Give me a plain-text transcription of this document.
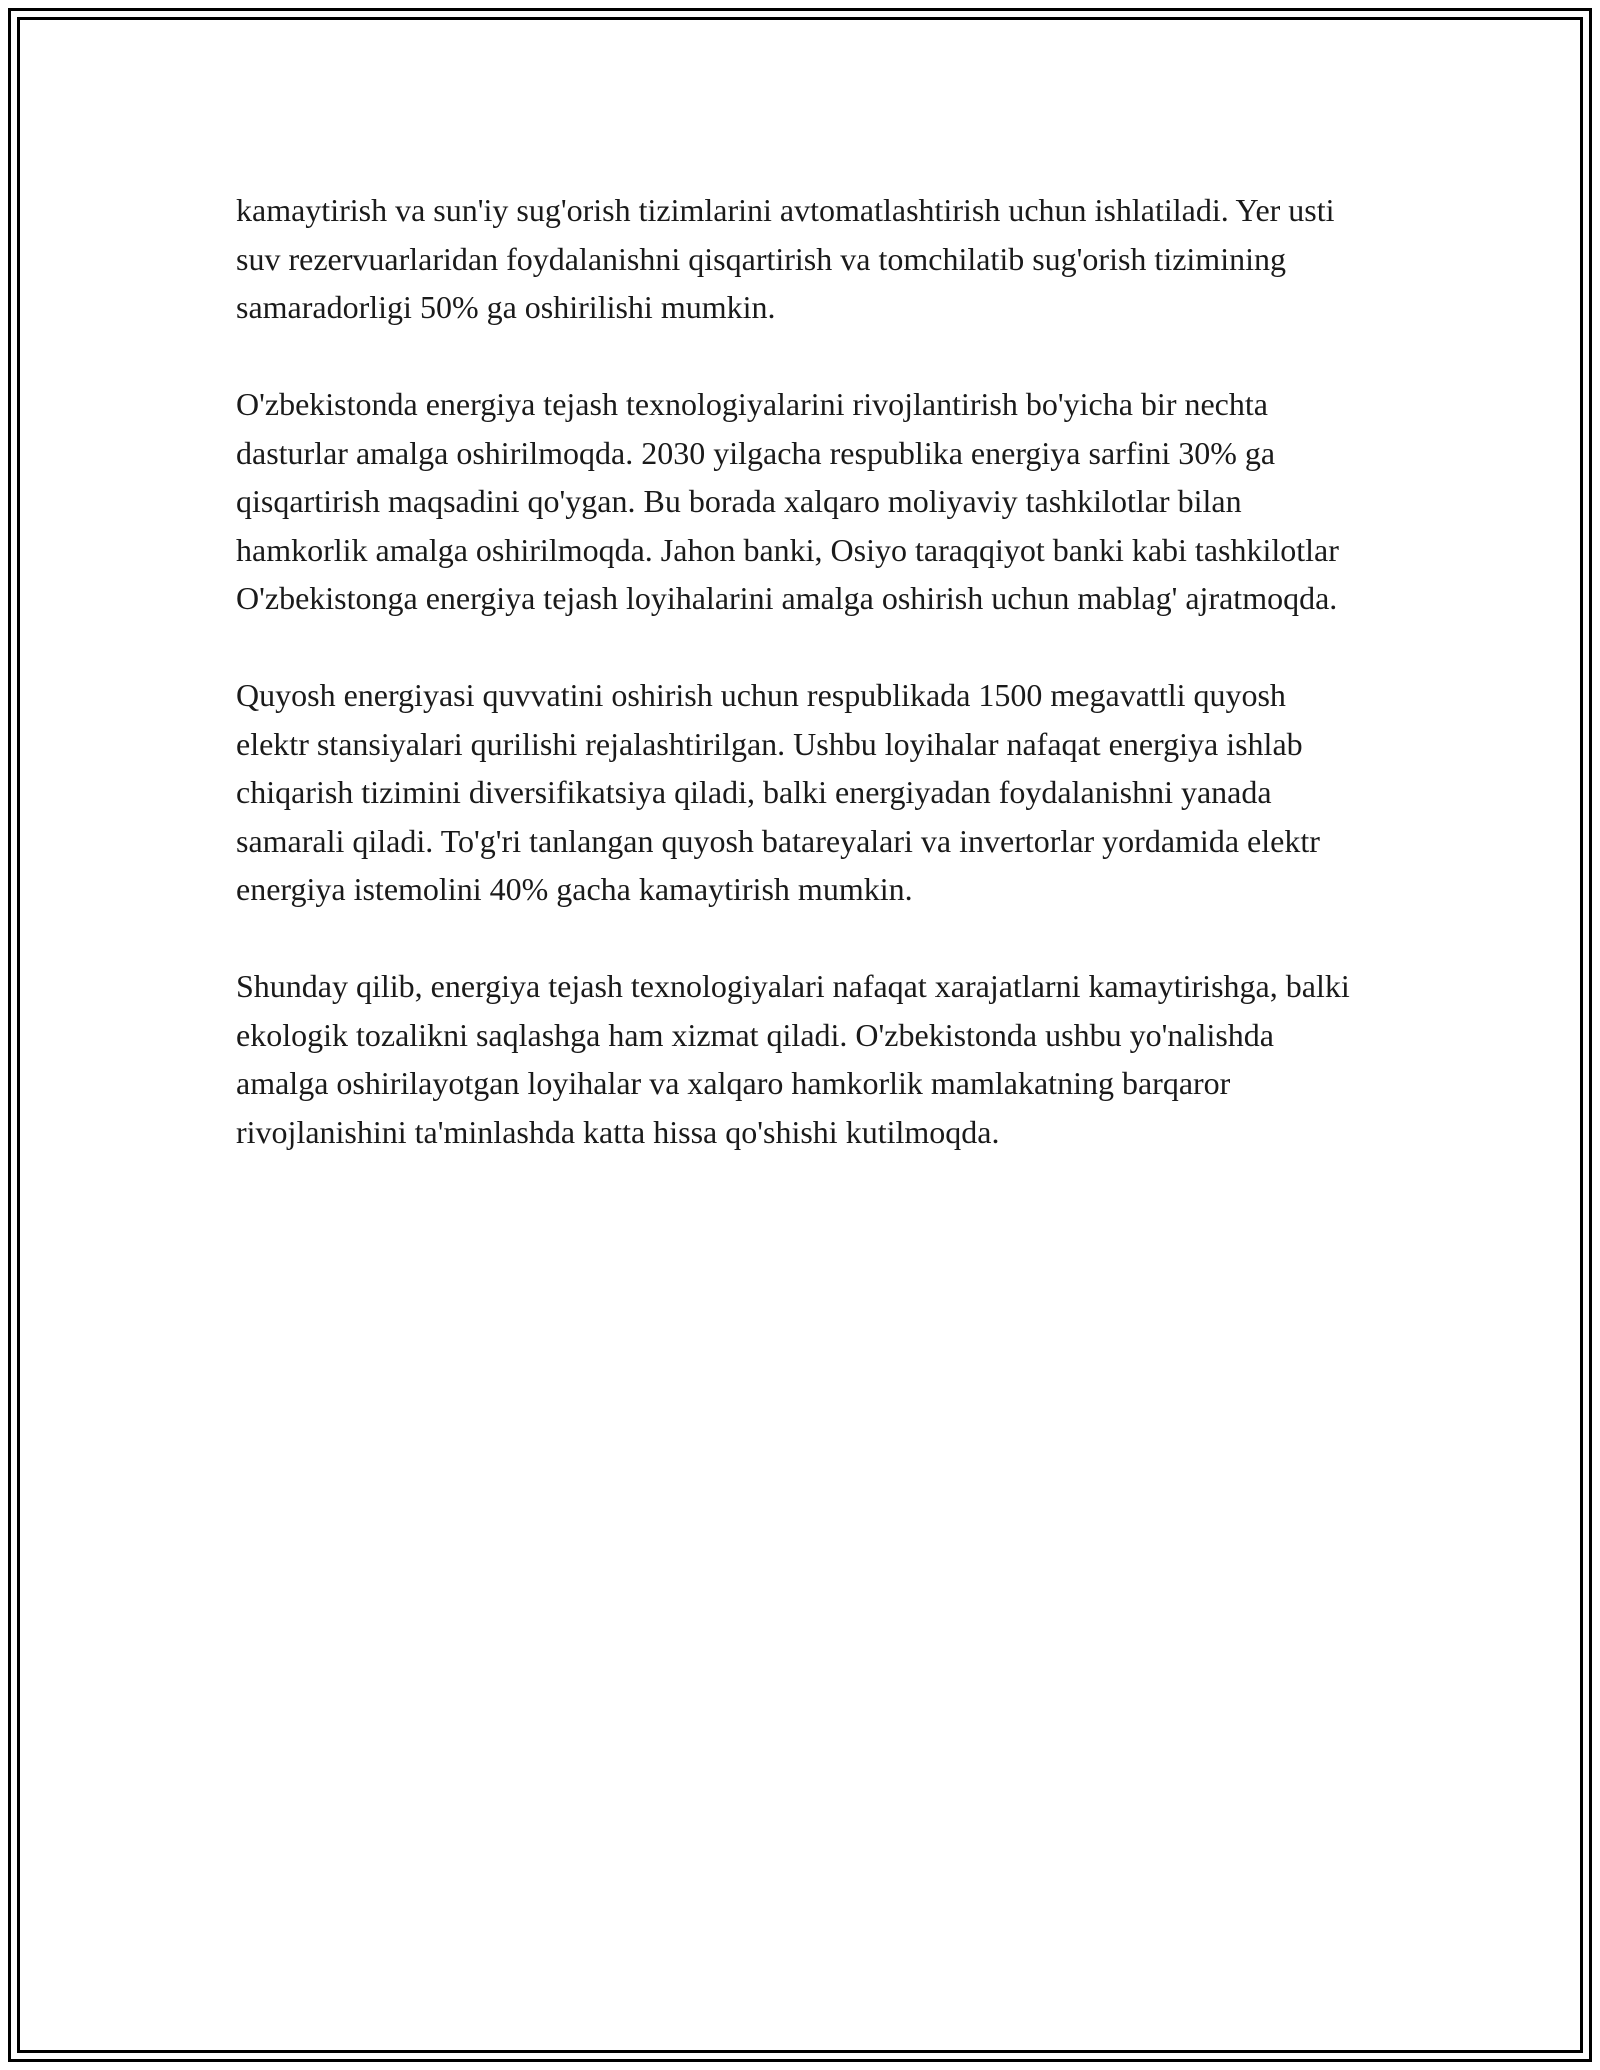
kamaytirish va sun'iy sug'orish tizimlarini avtomatlashtirish uchun ishlatiladi. Yer usti suv rezervuarlaridan foydalanishni qisqartirish va tomchilatib sug'orish tizimining samaradorligi 50% ga oshirilishi mumkin.

O'zbekistonda energiya tejash texnologiyalarini rivojlantirish bo'yicha bir nechta dasturlar amalga oshirilmoqda. 2030 yilgacha respublika energiya sarfini 30% ga qisqartirish maqsadini qo'ygan. Bu borada xalqaro moliyaviy tashkilotlar bilan hamkorlik amalga oshirilmoqda. Jahon banki, Osiyo taraqqiyot banki kabi tashkilotlar O'zbekistonga energiya tejash loyihalarini amalga oshirish uchun mablag' ajratmoqda.

Quyosh energiyasi quvvatini oshirish uchun respublikada 1500 megavattli quyosh elektr stansiyalari qurilishi rejalashtirilgan. Ushbu loyihalar nafaqat energiya ishlab chiqarish tizimini diversifikatsiya qiladi, balki energiyadan foydalanishni yanada samarali qiladi. To'g'ri tanlangan quyosh batareyalari va invertorlar yordamida elektr energiya istemolini 40% gacha kamaytirish mumkin.

Shunday qilib, energiya tejash texnologiyalari nafaqat xarajatlarni kamaytirishga, balki ekologik tozalikni saqlashga ham xizmat qiladi. O'zbekistonda ushbu yo'nalishda amalga oshirilayotgan loyihalar va xalqaro hamkorlik mamlakatning barqaror rivojlanishini ta'minlashda katta hissa qo'shishi kutilmoqda.
